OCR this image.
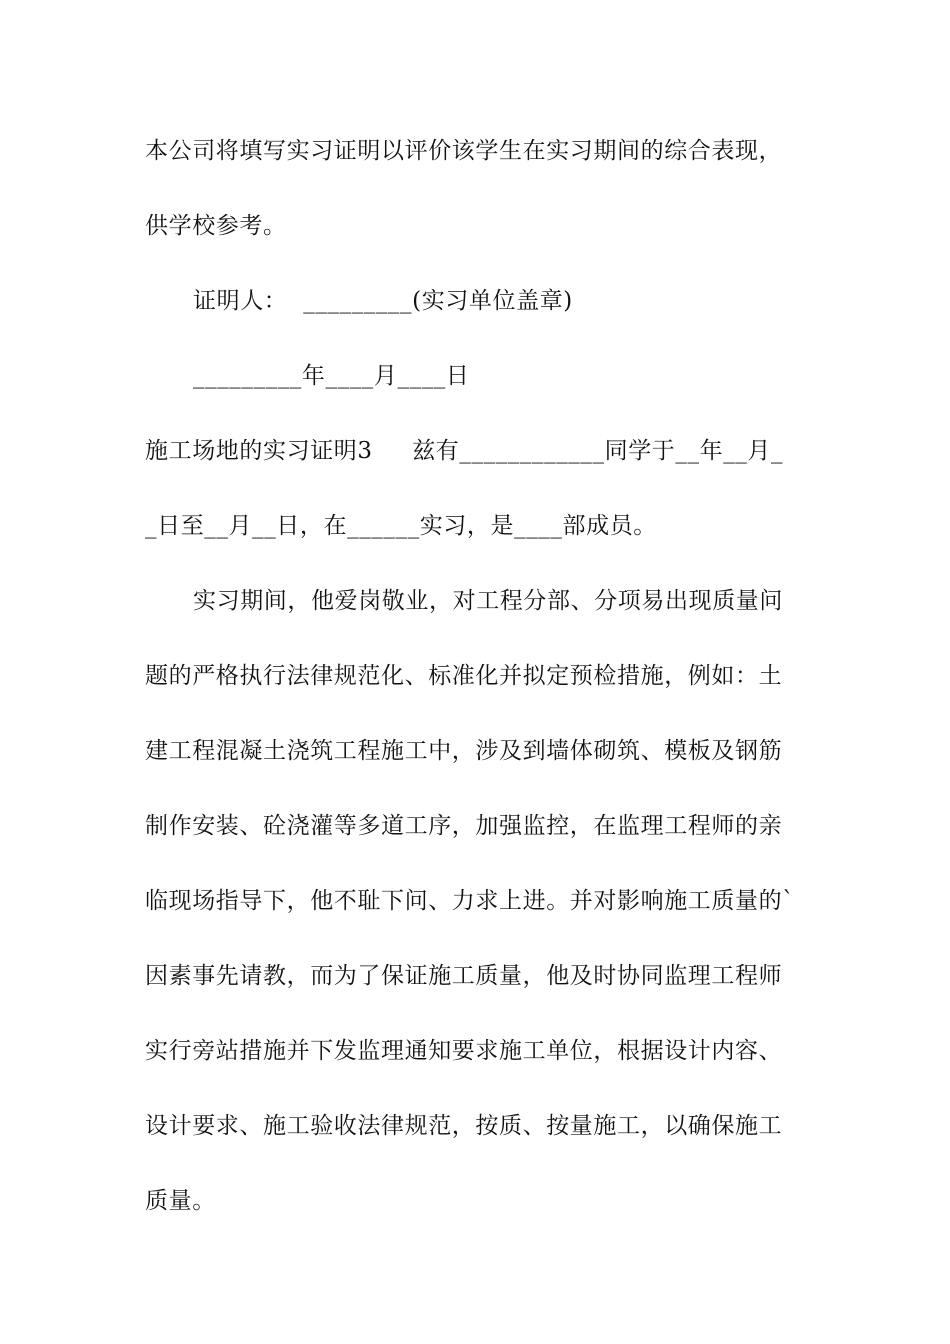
本公司将填写实习证明以评价该学生在实习期间的综合表现，
供学校参考。
证明人：  _________(实习单位盖章)
_________年____月____日
施工场地的实习证明3     兹有____________同学于__年__月_
_日至__月__日，在______实习，是____部成员。
实习期间，他爱岗敬业，对工程分部、分项易出现质量问
题的严格执行法律规范化、标准化并拟定预检措施，例如：土
建工程混凝土浇筑工程施工中，涉及到墙体砌筑、模板及钢筋
制作安装、砼浇灌等多道工序，加强监控，在监理工程师的亲
临现场指导下，他不耻下问、力求上进。并对影响施工质量的`
因素事先请教，而为了保证施工质量，他及时协同监理工程师
实行旁站措施并下发监理通知要求施工单位，根据设计内容、
设计要求、施工验收法律规范，按质、按量施工，以确保施工
质量。
